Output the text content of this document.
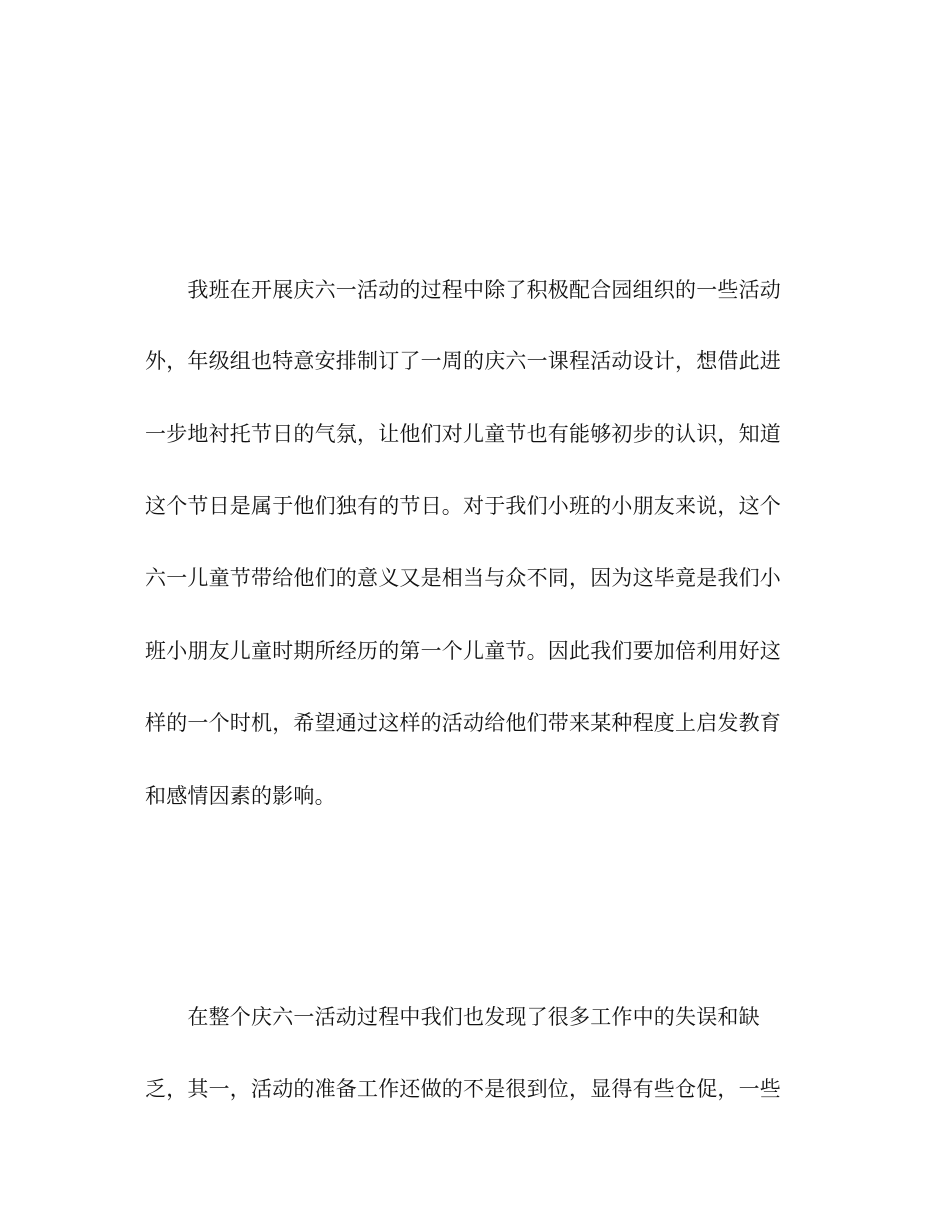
　　我班在开展庆六一活动的过程中除了积极配合园组织的一些活动
外，年级组也特意安排制订了一周的庆六一课程活动设计，想借此进
一步地衬托节日的气氛，让他们对儿童节也有能够初步的认识，知道
这个节日是属于他们独有的节日。对于我们小班的小朋友来说，这个
六一儿童节带给他们的意义又是相当与众不同，因为这毕竟是我们小
班小朋友儿童时期所经历的第一个儿童节。因此我们要加倍利用好这
样的一个时机，希望通过这样的活动给他们带来某种程度上启发教育
和感情因素的影响。
　　在整个庆六一活动过程中我们也发现了很多工作中的失误和缺
乏，其一，活动的准备工作还做的不是很到位，显得有些仓促，一些
